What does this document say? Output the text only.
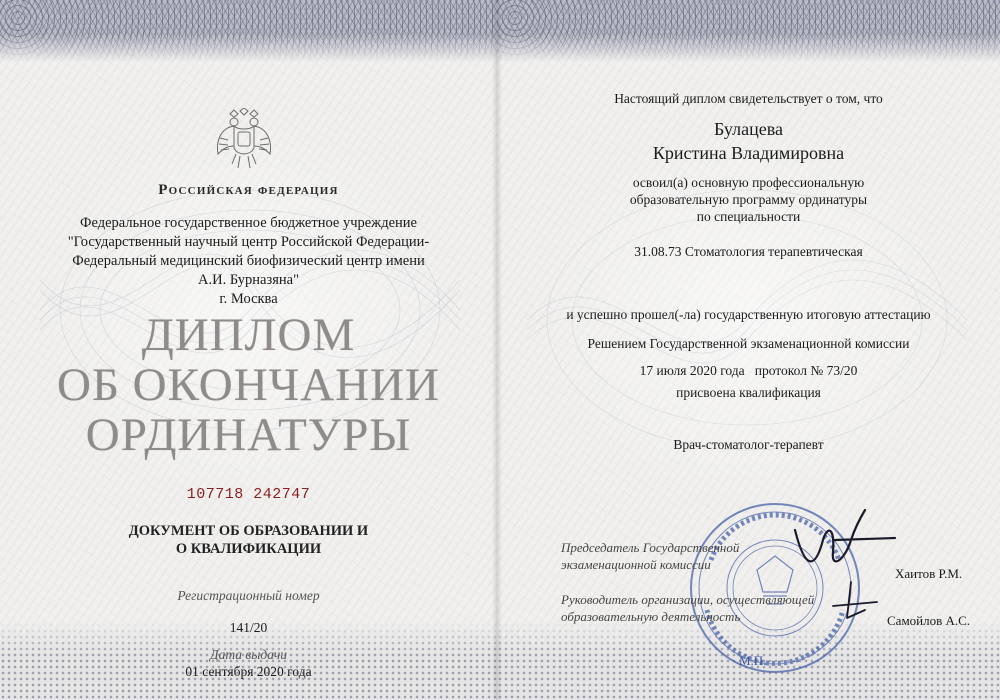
Российская федерация
Федеральное государственное бюджетное учреждение
"Государственный научный центр Российской Федерации-
Федеральный медицинский биофизический центр имени
А.И. Бурназяна"
г. Москва
ДИПЛОМ
ОБ ОКОНЧАНИИ
ОРДИНАТУРЫ
107718 242747
ДОКУМЕНТ ОБ ОБРАЗОВАНИИ И
О КВАЛИФИКАЦИИ
Регистрационный номер
141/20
Дата выдачи
01 сентября 2020 года
Настоящий диплом свидетельствует о том, что
Булацева
Кристина Владимировна
освоил(а) основную профессиональную
образовательную программу ординатуры
по специальности
31.08.73 Стоматология терапевтическая
и успешно прошел(-ла) государственную итоговую аттестацию
Решением Государственной экзаменационной комиссии
17 июля 2020 года   протокол № 73/20
присвоена квалификация
Врач-стоматолог-терапевт
М.П.
Председатель Государственной
экзаменационной комиссии
Хаитов Р.М.
Руководитель организации, осуществляющей
образовательную деятельность	Самойлов А.С.
